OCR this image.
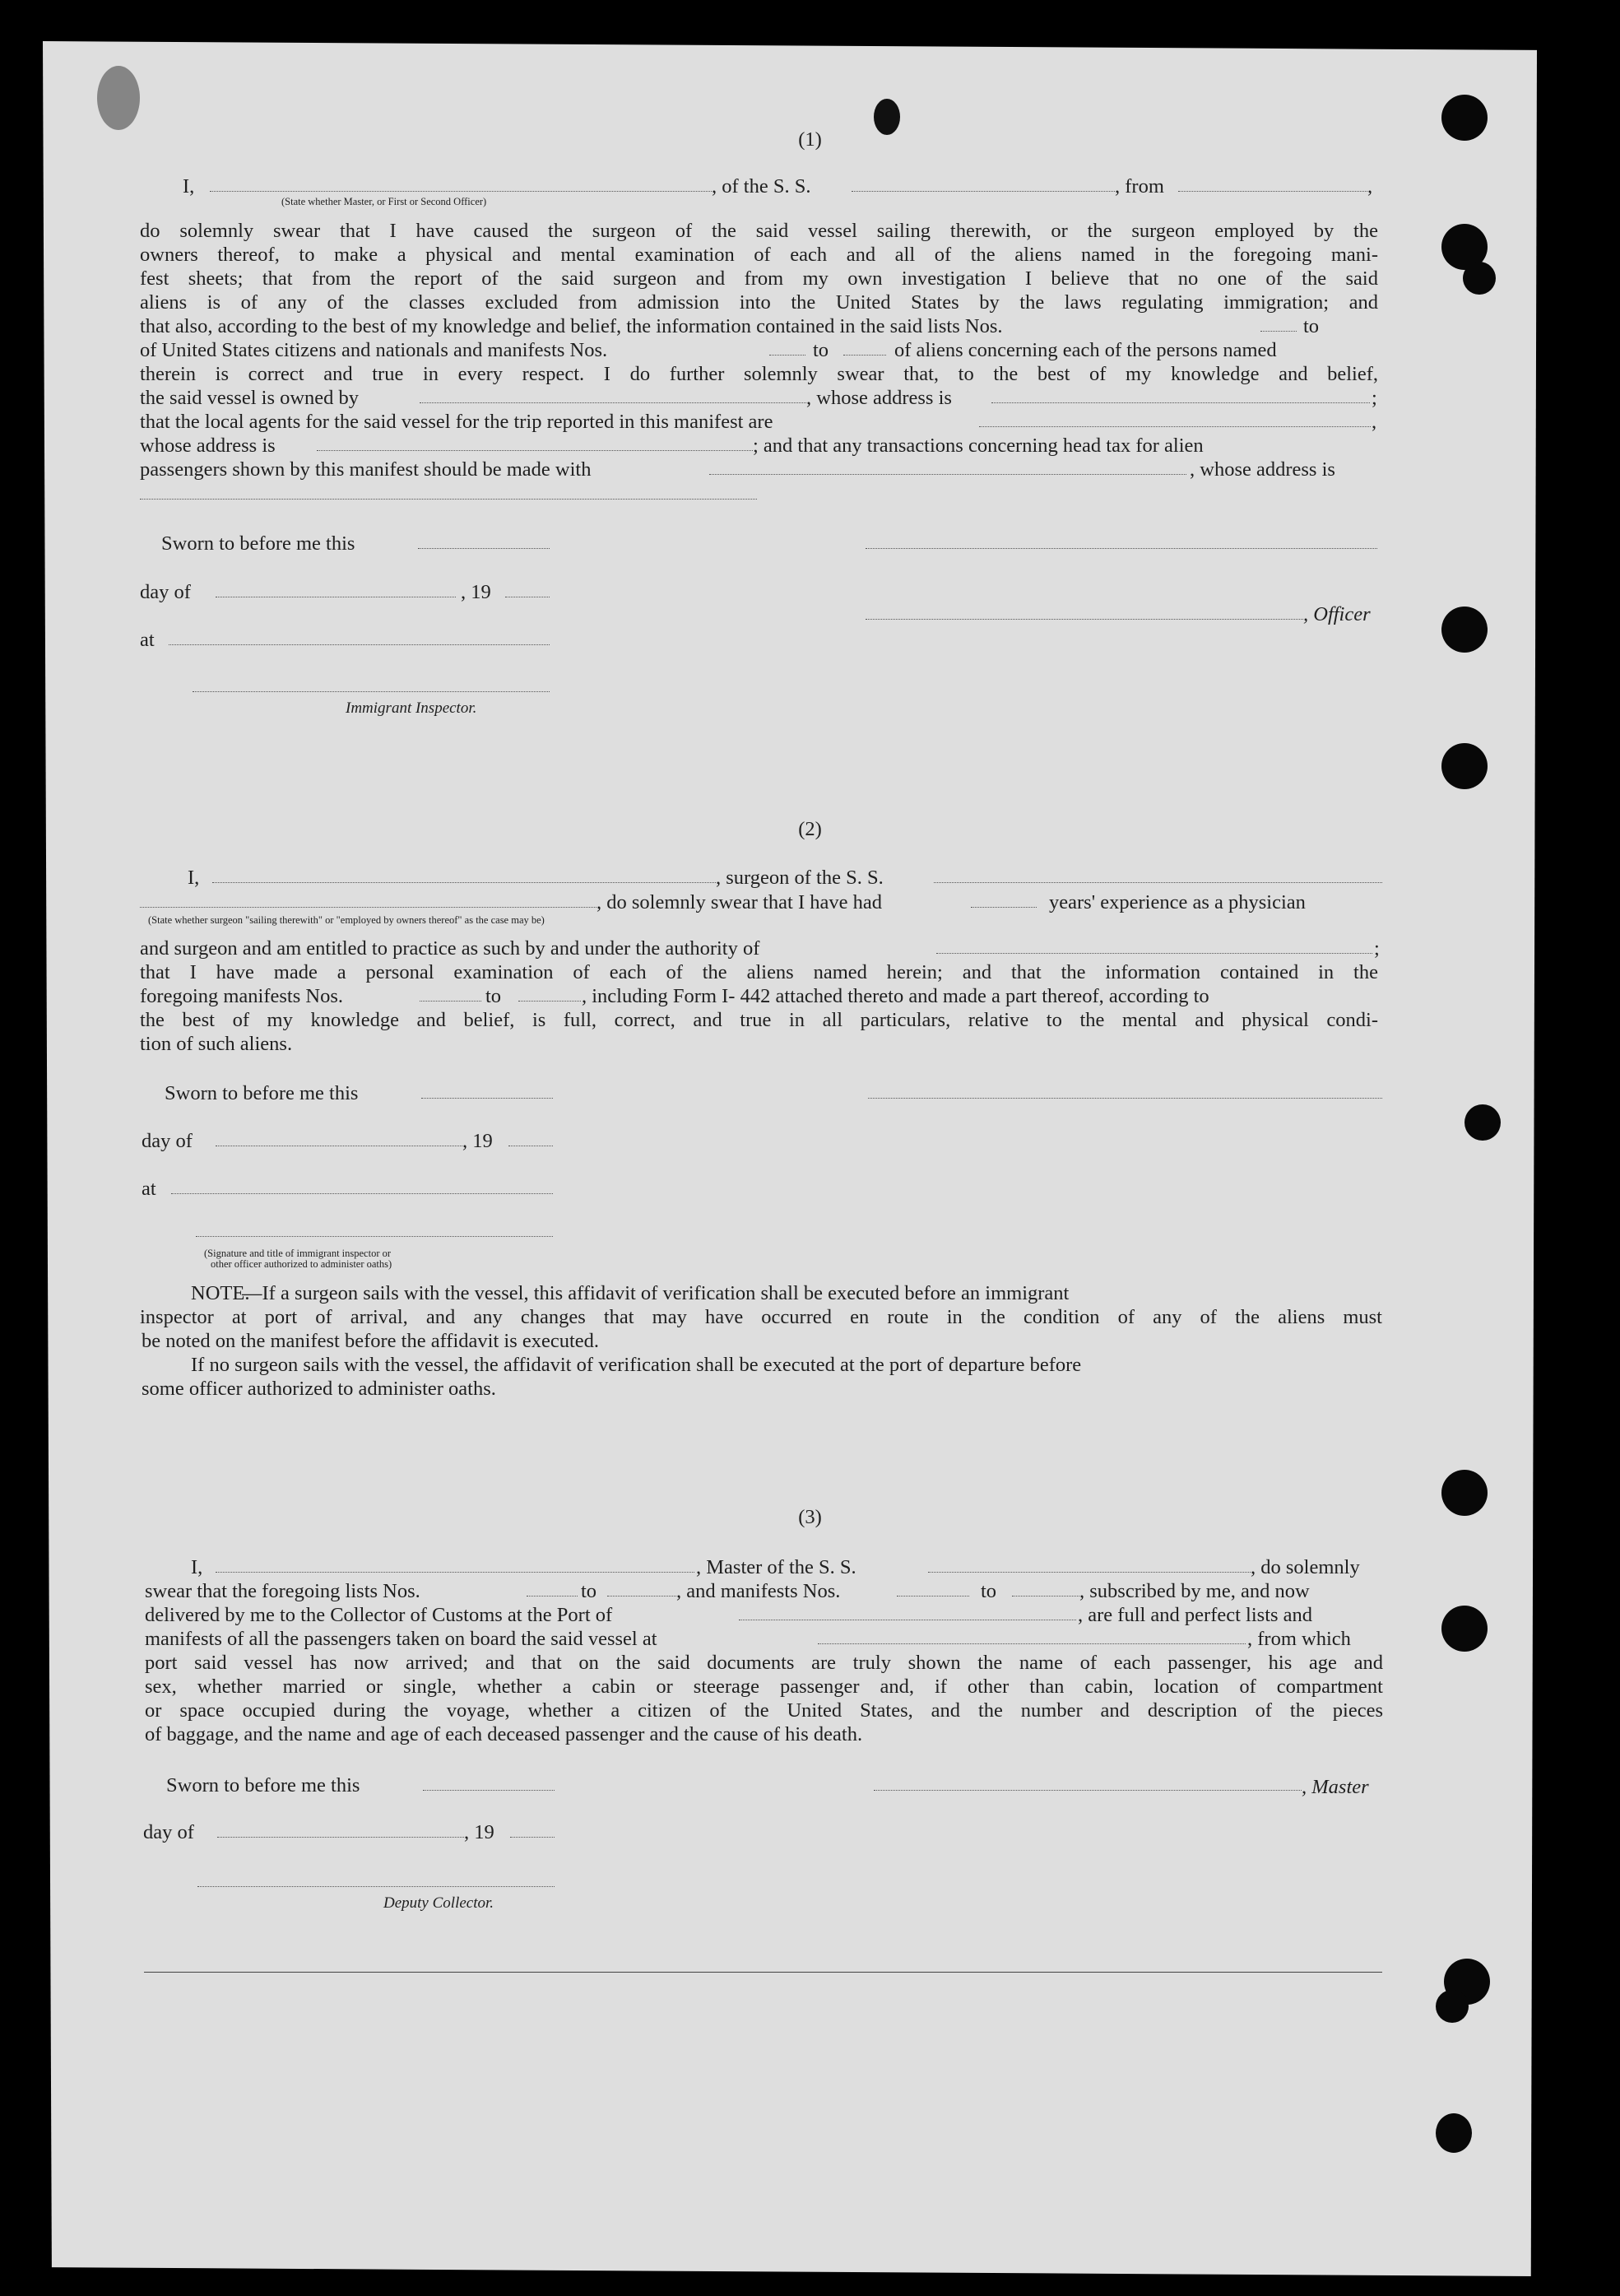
(1)
I,	, of the S. S.	, from	,
(State whether Master, or First or Second Officer)
do solemnly swear that I have caused the surgeon of the said vessel sailing therewith, or the surgeon employed by the
owners thereof, to make a physical and mental examination of each and all of the aliens named in the foregoing mani-
fest sheets; that from the report of the said surgeon and from my own investigation I believe that no one of the said
aliens is of any of the classes excluded from admission into the United States by the laws regulating immigration; and
that also, according to the best of my knowledge and belief, the information contained in the said lists Nos.	to
of United States citizens and nationals and manifests Nos.	to	of aliens concerning each of the persons named
therein is correct and true in every respect. I do further solemnly swear that, to the best of my knowledge and belief,
the said vessel is owned by	, whose address is	;
that the local agents for the said vessel for the trip reported in this manifest are	,
whose address is	; and that any transactions concerning head tax for alien
passengers shown by this manifest should be made with	, whose address is
Sworn to before me this
day of	, 19
, Officer
at
Immigrant Inspector.
(2)
I,	, surgeon of the S. S.
, do solemnly swear that I have had	years' experience as a physician
(State whether surgeon "sailing therewith" or "employed by owners thereof" as the case may be)
and surgeon and am entitled to practice as such by and under the authority of	;
that I have made a personal examination of each of the aliens named herein; and that the information contained in the
foregoing manifests Nos.	to	, including Form I- 442 attached thereto and made a part thereof, according to
the best of my knowledge and belief, is full, correct, and true in all particulars, relative to the mental and physical condi-
tion of such aliens.
Sworn to before me this
day of	, 19
at
(Signature and title of immigrant inspector or
other officer authorized to administer oaths)
NOTE.
—If a surgeon sails with the vessel, this affidavit of verification shall be executed before an immigrant
inspector at port of arrival, and any changes that may have occurred en route in the condition of any of the aliens must
be noted on the manifest before the affidavit is executed.
If no surgeon sails with the vessel, the affidavit of verification shall be executed at the port of departure before
some officer authorized to administer oaths.
(3)
I,	, Master of the S. S.	, do solemnly
swear that the foregoing lists Nos.	to	, and manifests Nos.	to	, subscribed by me, and now
delivered by me to the Collector of Customs at the Port of	, are full and perfect lists and
manifests of all the passengers taken on board the said vessel at	, from which
port said vessel has now arrived; and that on the said documents are truly shown the name of each passenger, his age and
sex, whether married or single, whether a cabin or steerage passenger and, if other than cabin, location of compartment
or space occupied during the voyage, whether a citizen of the United States, and the number and description of the pieces
of baggage, and the name and age of each deceased passenger and the cause of his death.
Sworn to before me this	, Master
day of	, 19
Deputy Collector.
